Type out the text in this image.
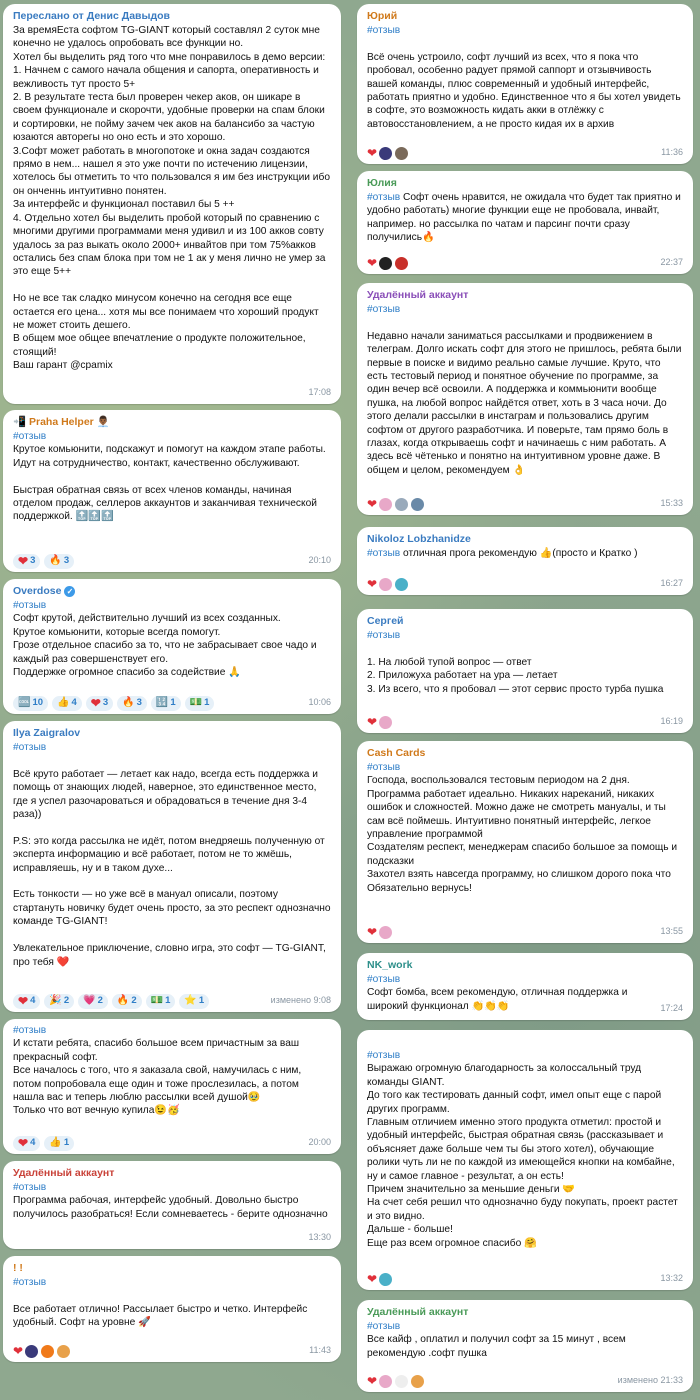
Переслано от Денис Давыдов
За времяЕста софтом TG-GIANT который составлял 2 суток мне конечно не удалось опробовать все функции но.
Хотел бы выделить ряд того что мне понравилось в демо версии:
1. Начнем с самого начала общения и сапорта, оперативность и вежливость тут просто 5+
2. В результате теста был проверен чекер аков, он шикаре в своем функционале и скорочти, удобные проверки на спам блоки и сортировки, не пойму зачем чек аков на балансибо за частую юзаются авторегы но оно есть и это хорошо.
3.Софт может работать в многопотоке и окна задач создаются прямо в нем... нашел я это уже почти по истечению лицензии, хотелось бы отметить то что пользовался я им без инструкции ибо он онченнь интуитивно понятен.
За интерфейс и функционал поставил бы 5 ++
4. Отдельно хотел бы выделить пробой который по сравнению с многими другими программами меня удивил и из 100 акков совту удалось за раз выкать около 2000+ инвайтов при том 75%акков остались без спам блока при том не 1 ак у меня лично не умер за это еще 5++

Но не все так сладко минусом конечно на сегодня все еще остается его цена... хотя мы все понимаем что хороший продукт не может стоить дешего.
В общем мое общее впечатление о продукте положительное, стоящий!
Ваш гарант @cpamix
17:08
📲 Praha Helper 👨🏾‍💼
#отзыв
Крутое комьюнити, подскажут и помогут на каждом этапе работы. Идут на сотрудничество, контакт, качественно обслуживают.

Быстрая обратная связь от всех членов команды, начиная отделом продаж, селлеров аккаунтов и заканчивая технической поддержкой. 🔝🔝🔝
❤ 3 🔥 3	20:10
Overdose ✓
#отзыв
Софт крутой, действительно лучший из всех созданных.
Крутое комьюнити, которые всегда помогут.
Грозе отдельное спасибо за то, что не забрасывает свое чадо и каждый раз совершенствует его.
Поддержке огромное спасибо за содействие 🙏
🆒 10 👍 4 ❤ 3 🔥 3 🔢 1 💵 1	10:06
Ilya Zaigralov
#отзыв

Всё круто работает — летает как надо, всегда есть поддержка и помощь от знающих людей, наверное, это единственное место, где я успел разочароваться и обрадоваться в течение дня 3-4 раза))

P.S: это когда рассылка не идёт, потом внедряешь полученную от эксперта информацию и всё работает, потом не то жмёшь, исправляешь, ну и в таком духе...

Есть тонкости — но уже всё в мануал описали, поэтому стартануть новичку будет очень просто, за это респект однозначно команде TG-GIANT!

Увлекательное приключение, словно игра, это софт — TG-GIANT, про тебя ❤️
❤ 4 🎉 2 💗 2 🔥 2 💵 1 ⭐ 1	изменено 9:08
#отзыв
И кстати ребята, спасибо большое всем причастным за ваш прекрасный софт.
Все началось с того, что я заказала свой, намучилась с ним, потом попробовала еще один и тоже прослезилась, а потом нашла вас и теперь люблю рассылки всей душой🥹
Только что вот вечную купила😉🥳
❤ 4 👍 1	20:00
Удалённый аккаунт
#отзыв
Программа рабочая, интерфейс удобный. Довольно быстро получилось разобраться! Если сомневаетесь - берите однозначно
13:30
! !
#отзыв

Все работает отлично! Рассылает быстро и четко. Интерфейс удобный. Софт на уровне 🚀
❤	11:43
Юрий
#отзыв

Всё очень устроило, софт лучший из всех, что я пока что пробовал, особенно радует прямой саппорт и отзывчивость вашей команды, плюс современный и удобный интерфейс, работать приятно и удобно. Единственное что я бы хотел увидеть в софте, это возможность кидать акки в отлёжку с автовосстановлением, а не просто кидая их в архив
❤	11:36
Юлия
#отзыв Софт очень нравится, не ожидала что будет так приятно и удобно работать) многие функции еще не пробовала, инвайт, например. но рассылка по чатам и парсинг почти сразу получились🔥
❤	22:37
Удалённый аккаунт
#отзыв

Недавно начали заниматься рассылками и продвижением в телеграм. Долго искать софт для этого не пришлось, ребята были первые в поиске и видимо реально самые лучшие. Круто, что есть тестовый период и понятное обучение по программе, за один вечер всё освоили. А поддержка и коммьюнити вообще пушка, на любой вопрос найдётся ответ, хоть в 3 часа ночи. До этого делали рассылки в инстаграм и пользовались другим софтом от другого разработчика. И поверьте, там прямо боль в глазах, когда открываешь софт и начинаешь с ним работать. А здесь всё чётенько и понятно на интуитивном уровне даже. В общем и целом, рекомендуем 👌
❤	15:33
Nikoloz Lobzhanidze
#отзыв отличная прога рекомендую 👍(просто и Кратко )
❤	16:27
Сергей
#отзыв

1. На любой тупой вопрос — ответ
2. Приложуха работает на ура — летает
3. Из всего, что я пробовал — этот сервис просто турба пушка
❤	16:19
Cash Cards
#отзыв
Господа, воспользовался тестовым периодом на 2 дня.
Программа работает идеально. Никаких нареканий, никаких ошибок и сложностей. Можно даже не смотреть мануалы, и ты сам всё поймешь. Интуитивно понятный интерфейс, легкое управление программой
Создателям респект, менеджерам спасибо большое за помощь и подсказки
Захотел взять навсегда программу, но слишком дорого пока что
Обязательно вернусь!
❤	13:55
NK_work
#отзыв
Софт бомба, всем рекомендую, отличная поддержка и широкий функционал 👏👏👏	17:24
#отзыв
Выражаю огромную благодарность за колоссальный труд команды GIANT.
До того как тестировать данный софт, имел опыт еще с парой других программ.
Главным отличием именно этого продукта отметил: простой и удобный интерфейс, быстрая обратная связь (рассказывает и объясняет даже больше чем ты бы этого хотел), обучающие ролики чуть ли не по каждой из имеющейся кнопки на комбайне, ну и самое главное - результат, а он есть!
Причем значительно за меньшие деньги 🤝
На счет себя решил что однозначно буду покупать, проект растет и это видно.
Дальше - больше!
Еще раз всем огромное спасибо 🤗
❤	13:32
Удалённый аккаунт
#отзыв
Все кайф , оплатил и получил софт за 15 минут , всем рекомендую .софт пушка
❤	изменено 21:33
